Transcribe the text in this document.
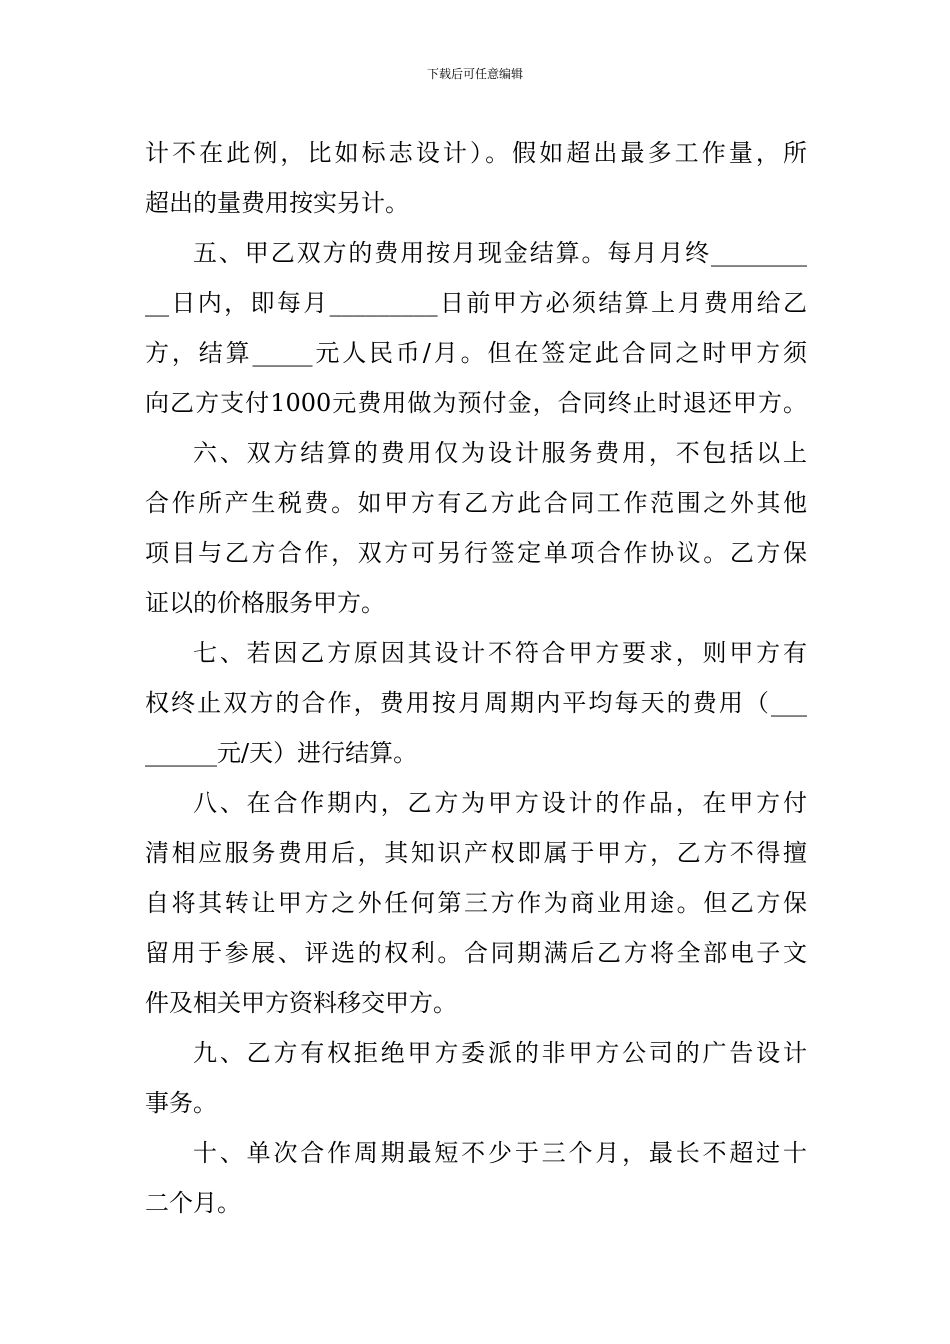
下载后可任意编辑
计不在此例，比如标志设计）。假如超出最多工作量，所
超出的量费用按实另计。
五、甲乙双方的费用按月现金结算。每月月终________
__日内，即每月_________日前甲方必须结算上月费用给乙
方，结算_____元人民币/月。但在签定此合同之时甲方须
向乙方支付1000元费用做为预付金，合同终止时退还甲方。
六、双方结算的费用仅为设计服务费用，不包括以上
合作所产生税费。如甲方有乙方此合同工作范围之外其他
项目与乙方合作，双方可另行签定单项合作协议。乙方保
证以的价格服务甲方。
七、若因乙方原因其设计不符合甲方要求，则甲方有
权终止双方的合作，费用按月周期内平均每天的费用（___
______元/天）进行结算。
八、在合作期内，乙方为甲方设计的作品，在甲方付
清相应服务费用后，其知识产权即属于甲方，乙方不得擅
自将其转让甲方之外任何第三方作为商业用途。但乙方保
留用于参展、评选的权利。合同期满后乙方将全部电子文
件及相关甲方资料移交甲方。
九、乙方有权拒绝甲方委派的非甲方公司的广告设计
事务。
十、单次合作周期最短不少于三个月，最长不超过十
二个月。
